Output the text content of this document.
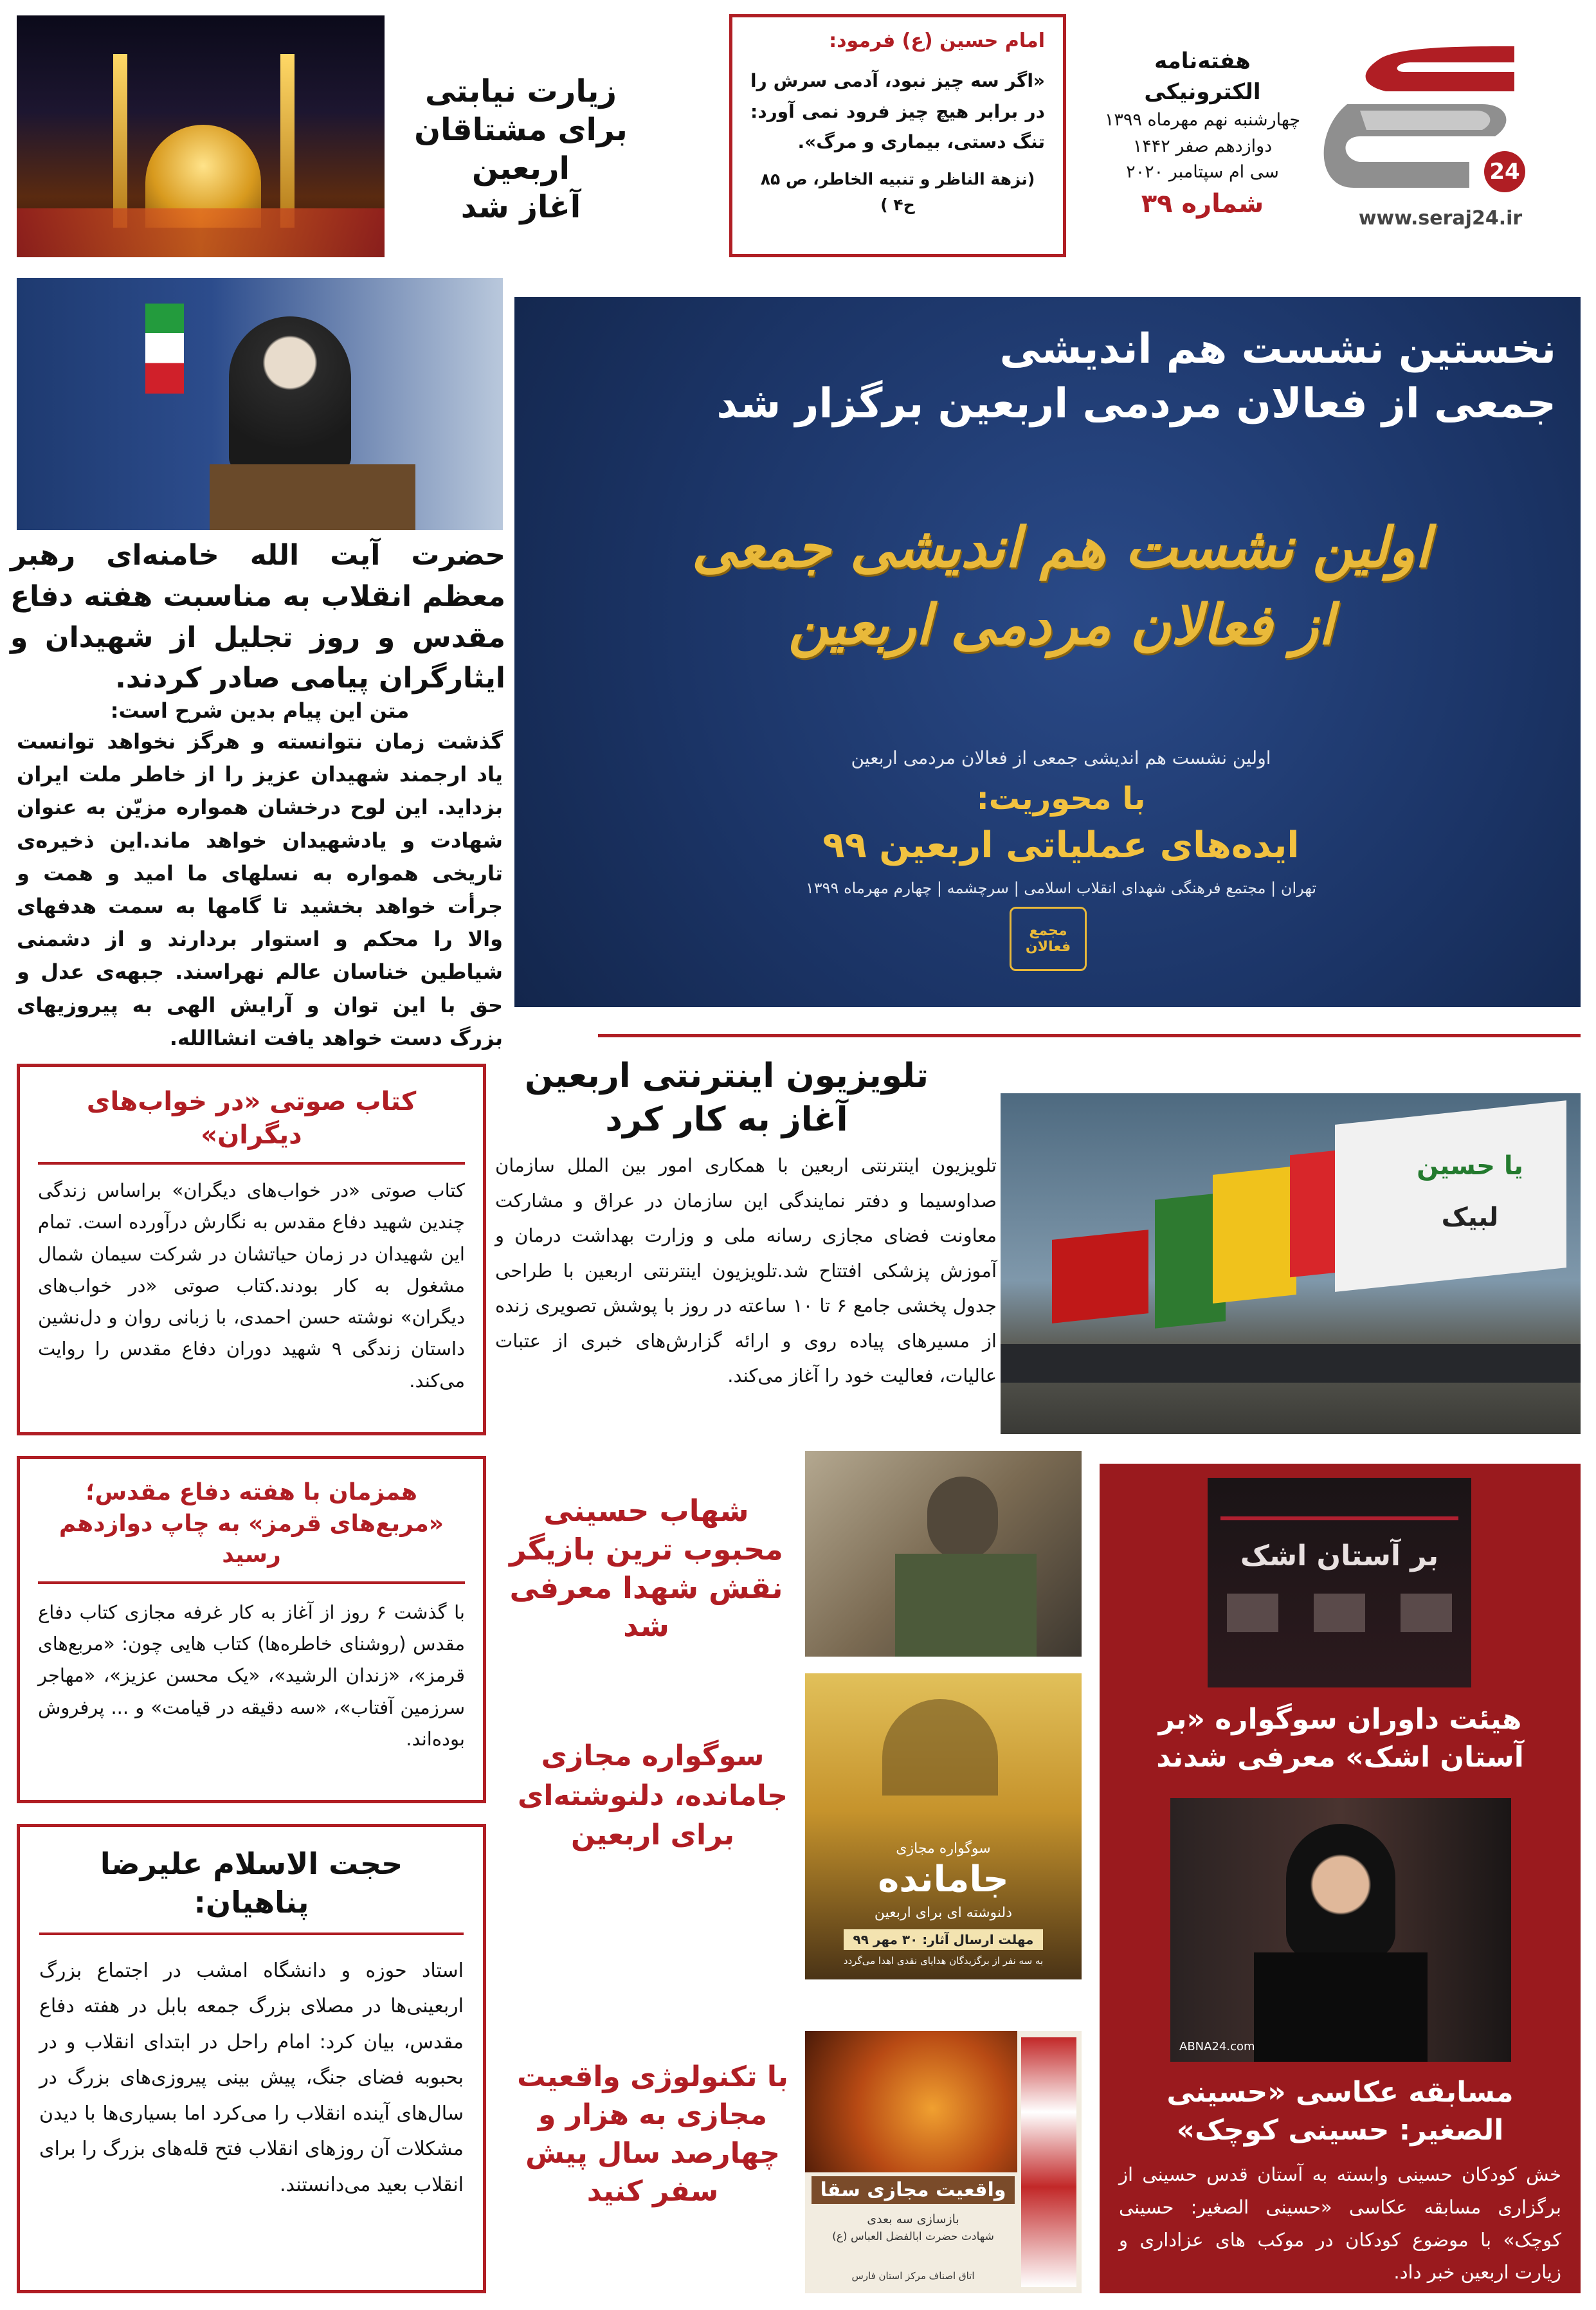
24
www.seraj24.ir
هفته‌نامه الکترونیکی
چهارشنبه نهم مهرماه ۱۳۹۹
دوازدهم صفر ۱۴۴۲
سی ام سپتامبر ۲۰۲۰
شماره ۳۹
امام حسین (ع) فرمود:
«اگر سه چیز نبود، آدمی سرش را در برابر هیچ چیز فرود نمی آورد: تنگ دستی، بیماری و مرگ».
(نزهة الناظر و تنبیه الخاطر، ص ۸۵ ح۴ )
زیارت نیابتی
برای مشتاقان اربعین
آغاز شد
حضرت آیت الله خامنه‌ای رهبر معظم انقلاب به مناسبت هفته دفاع مقدس و روز تجلیل از شهیدان و ایثارگران پیامی صادر کردند.
متن این پیام بدین شرح است:
گذشت زمان نتوانسته و هرگز نخواهد توانست یاد ارجمند شهیدان عزیز را از خاطر ملت ایران بزداید. این لوح درخشان همواره مزیّن به عنوان شهادت و یادشهیدان خواهد ماند.این ذخیره‌ی تاریخی همواره به نسلهای ما امید و همت و جرأت خواهد بخشید تا گامها به سمت هدفهای والا را محکم و استوار بردارند و از دشمنی شیاطین خناسان عالم نهراسند. جبهه‌ی عدل و حق با این توان و آرایش الهی به پیروزیهای بزرگ دست خواهد یافت انشاالله.
نخستین نشست هم اندیشی
جمعی از فعالان مردمی اربعین برگزار شد
اولین نشست هم اندیشی جمعی از فعالان مردمی اربعین
اولین نشست هم اندیشی جمعی از فعالان مردمی اربعین
با محوریت:
ایده‌های عملیاتی اربعین ۹۹
تهران | مجتمع فرهنگی شهدای انقلاب اسلامی | سرچشمه | چهارم مهرماه ۱۳۹۹
مجمع فعالان
تلویزیون اینترنتی اربعین
آغاز به کار کرد
تلویزیون اینترنتی اربعین با همکاری امور بین الملل سازمان صداوسیما و دفتر نمایندگی این سازمان در عراق و مشارکت معاونت فضای مجازی رسانه ملی و وزارت بهداشت درمان و آموزش پزشکی افتتاح شد.تلویزیون اینترنتی اربعین با طراحی جدول پخشی جامع ۶ تا ۱۰ ساعته در روز با پوشش تصویری زنده از مسیرهای پیاده روی و ارائه گزارش‌های خبری از عتبات عالیات، فعالیت خود را آغاز می‌کند.
یا حسین
لبیک
کتاب صوتی «در خواب‌های دیگران»
کتاب صوتی «در خواب‌های دیگران» براساس زندگی چندین شهید دفاع مقدس به نگارش درآورده است. تمام این شهیدان در زمان حیاتشان در شرکت سیمان شمال مشغول به کار بودند.کتاب صوتی «در خواب‌های دیگران» نوشته حسن احمدی، با زبانی روان و دل‌نشین داستان زندگی ۹ شهید دوران دفاع مقدس را روایت می‌کند.
همزمان با هفته دفاع مقدس؛
«مربع‌های قرمز» به چاپ دوازدهم رسید
با گذشت ۶ روز از آغاز به کار غرفه مجازی کتاب دفاع مقدس (روشنای خاطره‌ها) کتاب هایی چون: «مربع‌های قرمز»، «زندان الرشید»، «یک محسن عزیز»، «مهاجر سرزمین آفتاب»، «سه دقیقه در قیامت» و ... پرفروش بوده‌اند.
حجت الاسلام علیرضا پناهیان:
استاد حوزه و دانشگاه امشب در اجتماع بزرگ اربعینی‌ها در مصلای بزرگ جمعه بابل در هفته دفاع مقدس، بیان کرد: امام راحل در ابتدای انقلاب و در بحبوبه فضای جنگ، پیش بینی پیروزی‌های بزرگ در سال‌های آینده انقلاب را می‌کرد اما بسیاری‌ها با دیدن مشکلات آن روزهای انقلاب فتح قله‌های بزرگ را برای انقلاب بعید می‌دانستند.
شهاب حسینی محبوب ترین بازیگر نقش شهدا معرفی شد
سوگواره مجازی جامانده، دلنوشته‌ای برای اربعین	سوگواره مجازی
جامانده
دلنوشته ای برای اربعین
مهلت ارسال آثار: ۳۰ مهر ۹۹
به سه نفر از برگزیدگان هدایای نقدی اهدا می‌گردد
با تکنولوژی واقعیت مجازی به هزار و چهارصد سال پیش سفر کنید	واقعیت مجازی سقا
بازسازی سه بعدی
شهادت حضرت ابالفضل العباس (ع)
اتاق اصناف مرکز استان فارس
بر آستان اشک
هیئت داوران سوگواره «بر آستان اشک» معرفی شدند
ABNA24.com
مسابقه عکاسی «حسینی الصغیر: حسینی کوچک»
خش کودکان حسینی وابسته به آستان قدس حسینی از برگزاری مسابقه عکاسی «حسینی الصغیر: حسینی کوچک» با موضوع کودکان در موکب های عزاداری و زیارت اربعین خبر داد.
